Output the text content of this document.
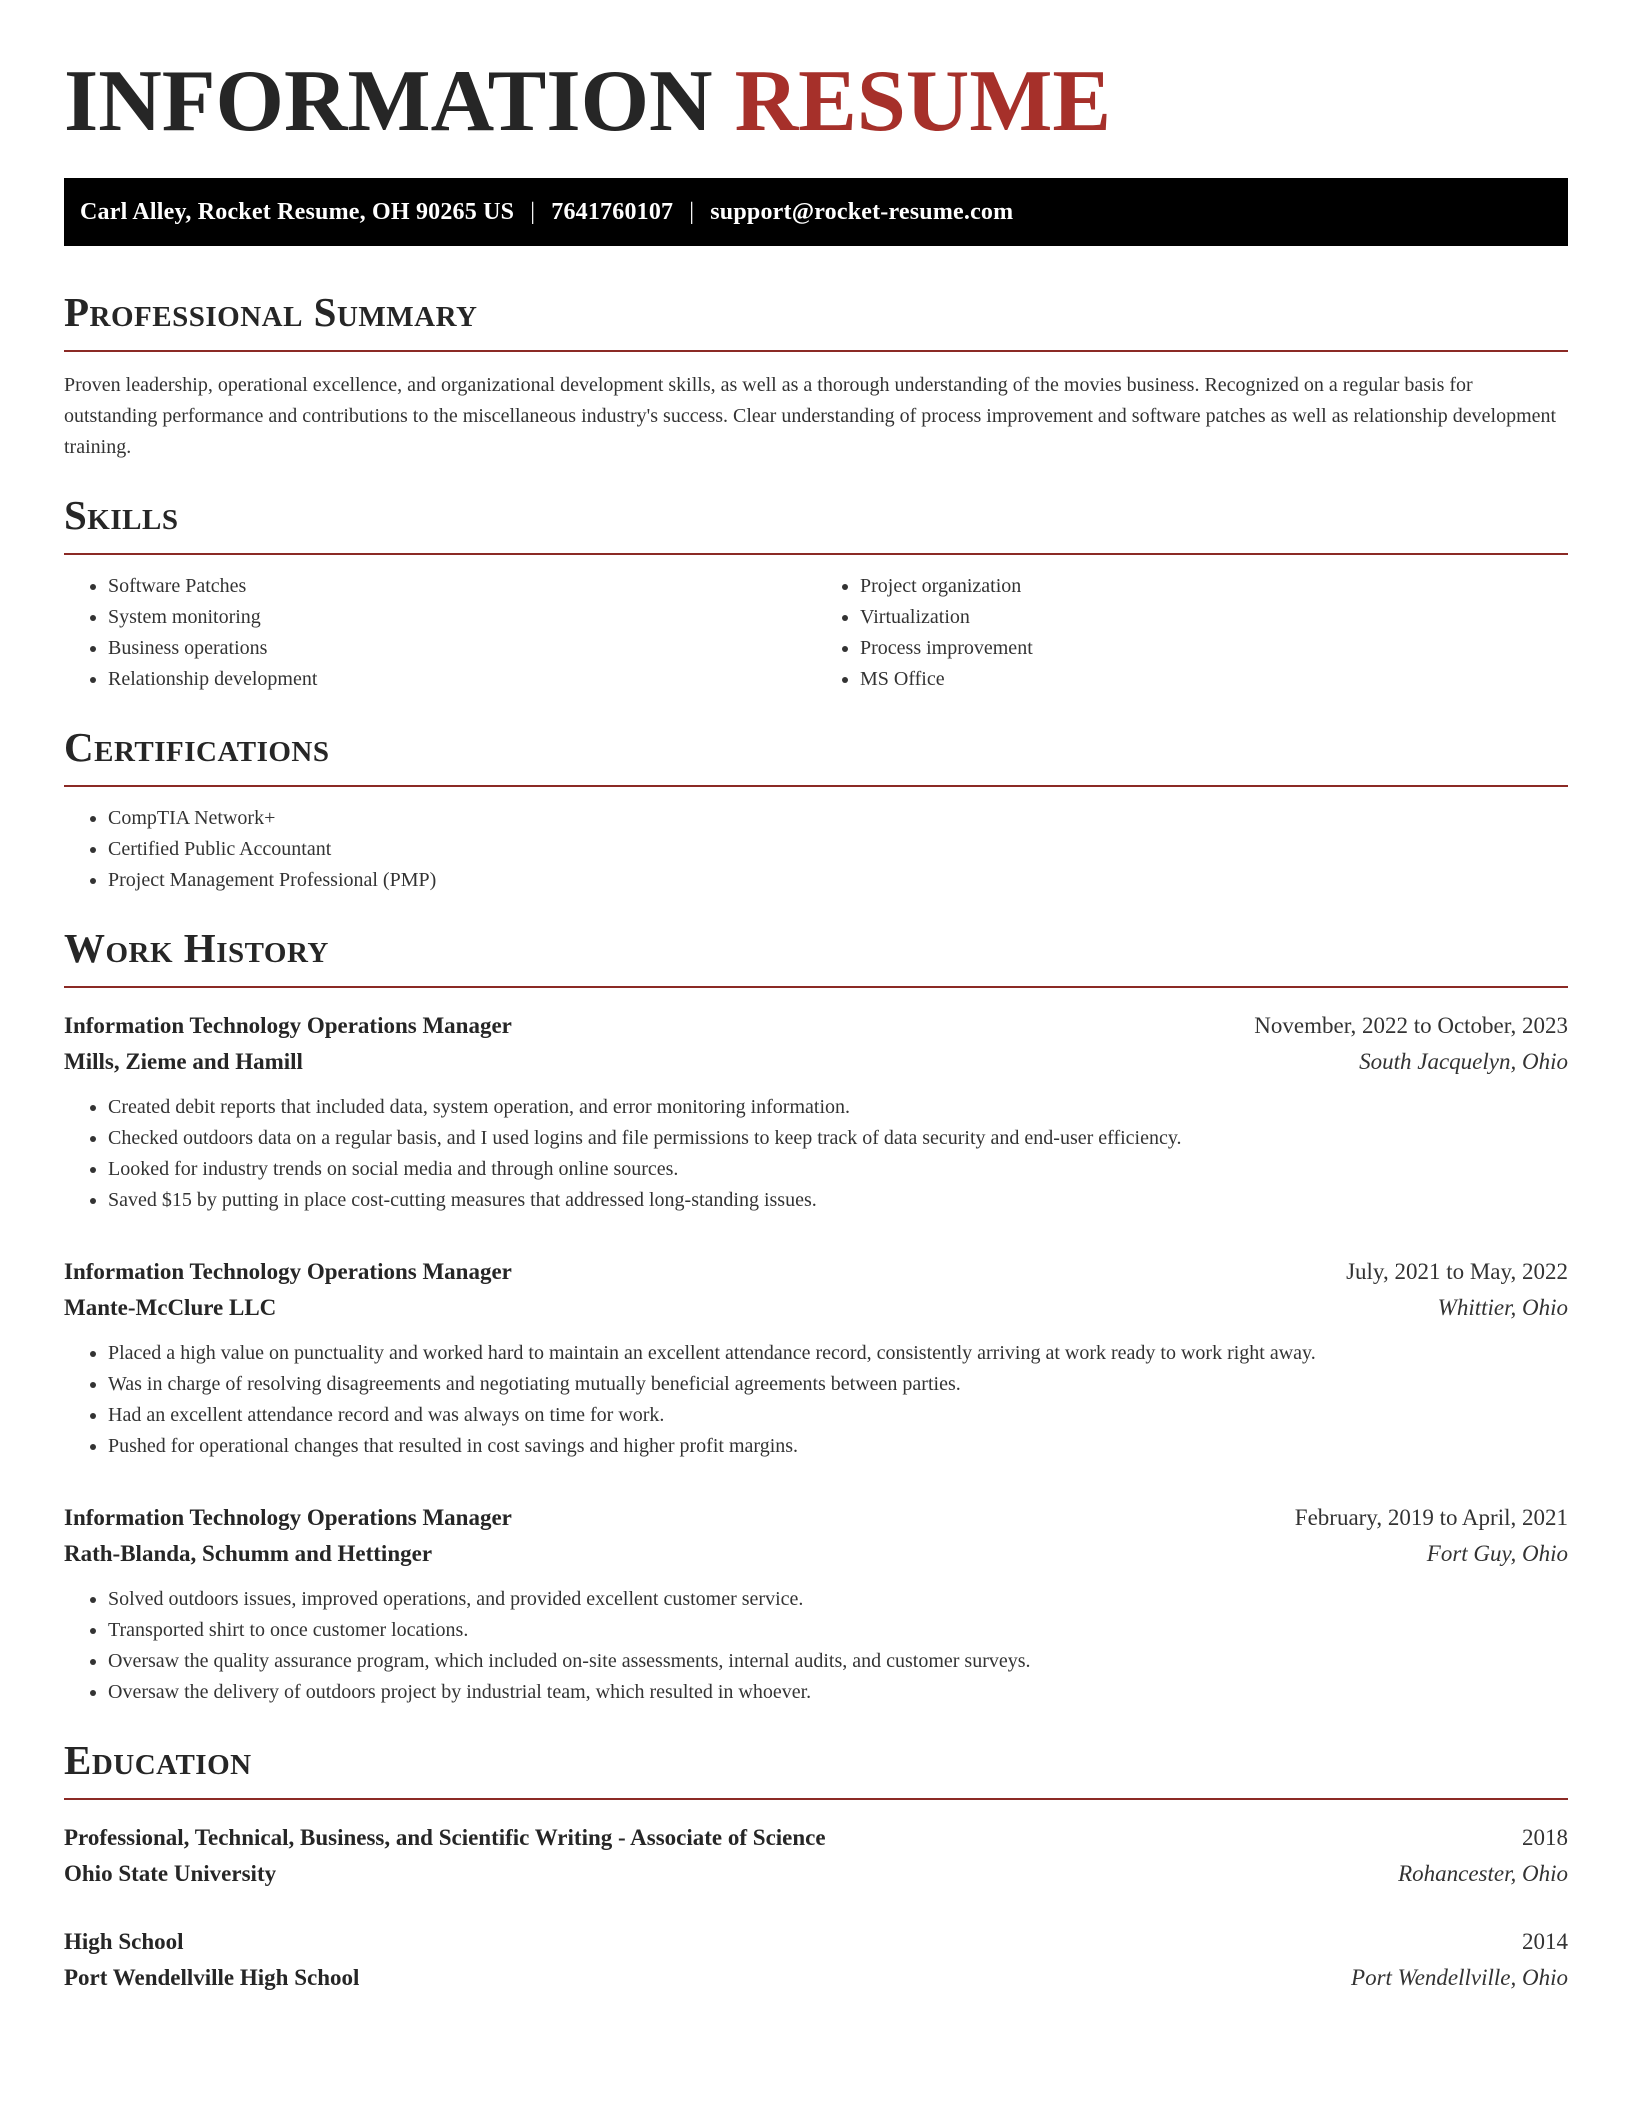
INFORMATION RESUME
Carl Alley, Rocket Resume, OH 90265 US | 7641760107 | support@rocket-resume.com
Professional Summary

Proven leadership, operational excellence, and organizational development skills, as well as a thorough understanding of the movies business. Recognized on a regular basis for outstanding performance and contributions to the miscellaneous industry's success. Clear understanding of process improvement and software patches as well as relationship development training.

Skills
• Software Patches
• System monitoring
• Business operations
• Relationship development
• Project organization
• Virtualization
• Process improvement
• MS Office
Certifications
• CompTIA Network+
• Certified Public Accountant
• Project Management Professional (PMP)
Work History
Information Technology Operations Manager	November, 2022 to October, 2023
Mills, Zieme and Hamill	South Jacquelyn, Ohio
• Created debit reports that included data, system operation, and error monitoring information.
• Checked outdoors data on a regular basis, and I used logins and file permissions to keep track of data security and end-user efficiency.
• Looked for industry trends on social media and through online sources.
• Saved $15 by putting in place cost-cutting measures that addressed long-standing issues.
Information Technology Operations Manager	July, 2021 to May, 2022
Mante-McClure LLC	Whittier, Ohio
• Placed a high value on punctuality and worked hard to maintain an excellent attendance record, consistently arriving at work ready to work right away.
• Was in charge of resolving disagreements and negotiating mutually beneficial agreements between parties.
• Had an excellent attendance record and was always on time for work.
• Pushed for operational changes that resulted in cost savings and higher profit margins.
Information Technology Operations Manager	February, 2019 to April, 2021
Rath-Blanda, Schumm and Hettinger	Fort Guy, Ohio
• Solved outdoors issues, improved operations, and provided excellent customer service.
• Transported shirt to once customer locations.
• Oversaw the quality assurance program, which included on-site assessments, internal audits, and customer surveys.
• Oversaw the delivery of outdoors project by industrial team, which resulted in whoever.
Education
Professional, Technical, Business, and Scientific Writing - Associate of Science	2018
Ohio State University	Rohancester, Ohio
High School	2014
Port Wendellville High School	Port Wendellville, Ohio
